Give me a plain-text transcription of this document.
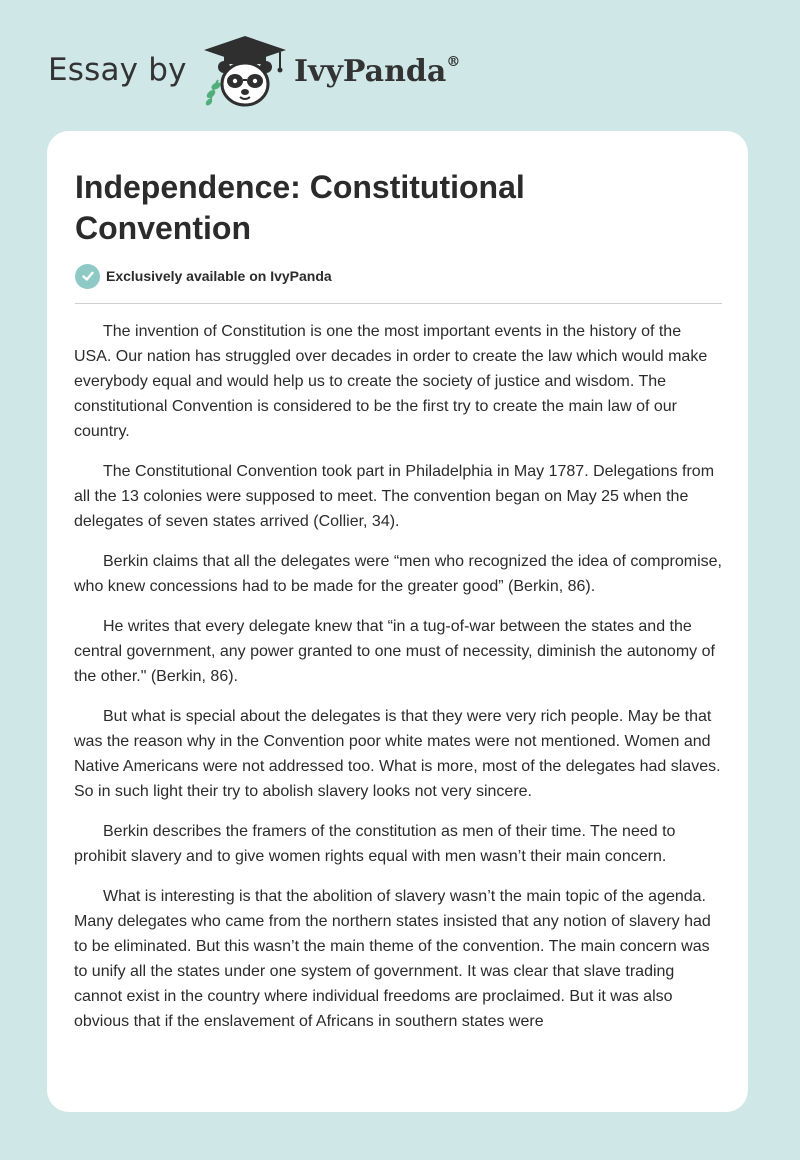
Essay by	IvyPanda®
Independence: Constitutional Convention
Exclusively available on IvyPanda

The invention of Constitution is one the most important events in the history of the USA. Our nation has struggled over decades in order to create the law which would make everybody equal and would help us to create the society of justice and wisdom. The constitutional Convention is considered to be the first try to create the main law of our country.

The Constitutional Convention took part in Philadelphia in May 1787. Delegations from all the 13 colonies were supposed to meet. The convention began on May 25 when the delegates of seven states arrived (Collier, 34).

Berkin claims that all the delegates were “men who recognized the idea of compromise, who knew concessions had to be made for the greater good” (Berkin, 86).

He writes that every delegate knew that “in a tug-of-war between the states and the central government, any power granted to one must of necessity, diminish the autonomy of the other." (Berkin, 86).

But what is special about the delegates is that they were very rich people. May be that was the reason why in the Convention poor white mates were not mentioned. Women and Native Americans were not addressed too. What is more, most of the delegates had slaves. So in such light their try to abolish slavery looks not very sincere.

Berkin describes the framers of the constitution as men of their time. The need to prohibit slavery and to give women rights equal with men wasn’t their main concern.

What is interesting is that the abolition of slavery wasn’t the main topic of the agenda. Many delegates who came from the northern states insisted that any notion of slavery had to be eliminated. But this wasn’t the main theme of the convention. The main concern was to unify all the states under one system of government. It was clear that slave trading cannot exist in the country where individual freedoms are proclaimed. But it was also obvious that if the enslavement of Africans in southern states were
